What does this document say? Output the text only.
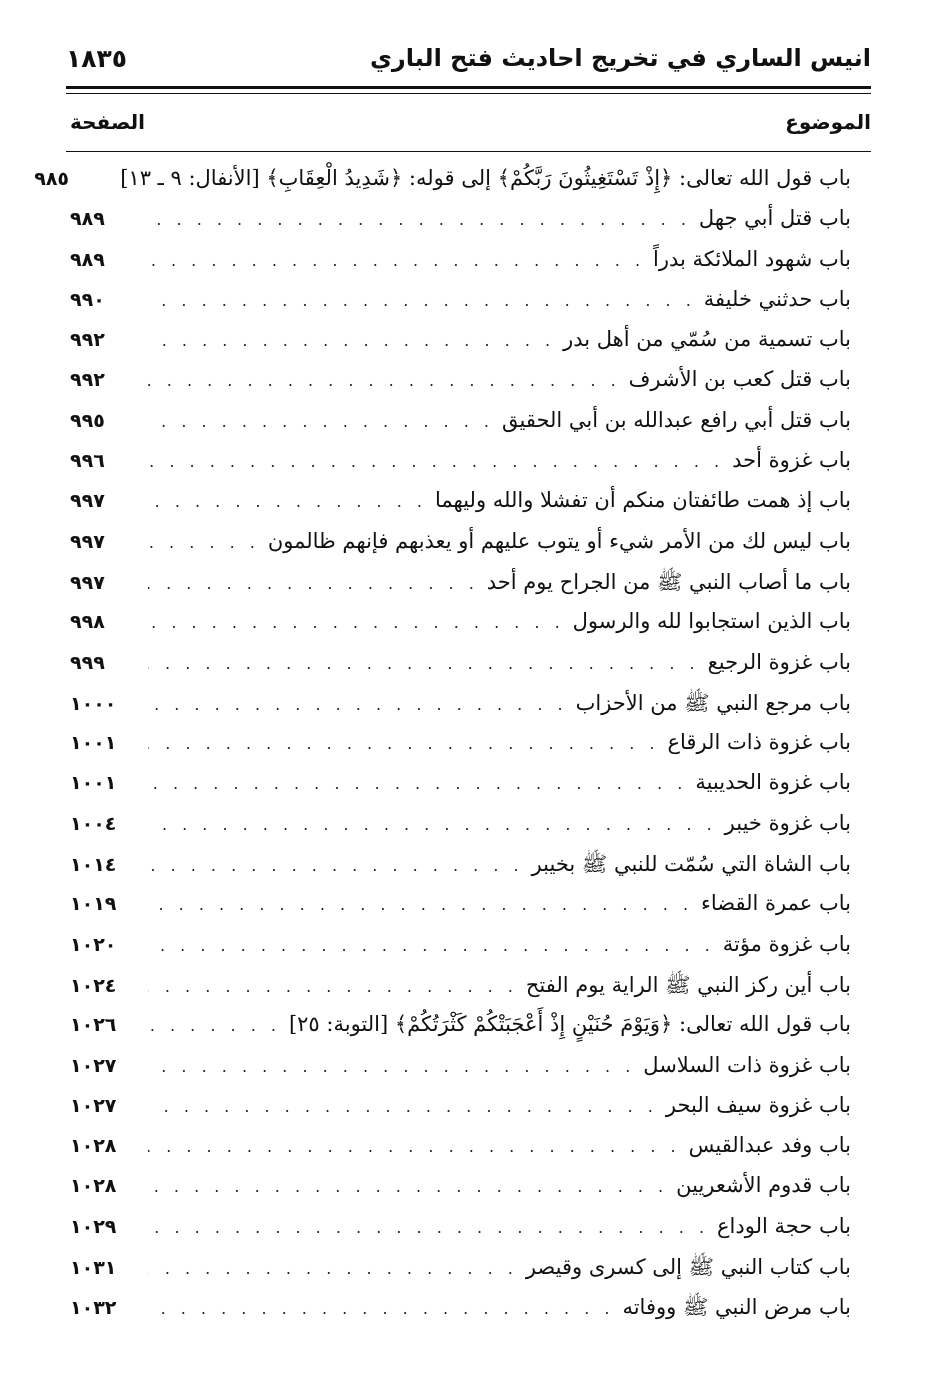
انيس الساري في تخريج احاديث فتح الباري
١٨٣٥
الموضوع
الصفحة
باب قول الله تعالى: ﴿إِذْ تَسْتَغِيثُونَ رَبَّكُمْ﴾ إلى قوله: ﴿شَدِيدُ الْعِقَابِ﴾ [الأنفال: ٩ ـ ١٣]
٩٨٥
باب قتل أبي جهل
. . .
٩٨٩
باب شهود الملائكة بدراً
. . .
٩٨٩
باب حدثني خليفة
. . .
٩٩٠
باب تسمية من سُمّي من أهل بدر
. . .
٩٩٢
باب قتل كعب بن الأشرف
. . .
٩٩٢
باب قتل أبي رافع عبدالله بن أبي الحقيق
. . .
٩٩٥
باب غزوة أحد
. . .
٩٩٦
باب إذ همت طائفتان منكم أن تفشلا والله وليهما
. . .
٩٩٧
باب ليس لك من الأمر شيء أو يتوب عليهم أو يعذبهم فإنهم ظالمون
. . .
٩٩٧
باب ما أصاب النبي ﷺ من الجراح يوم أحد
. . .
٩٩٧
باب الذين استجابوا لله والرسول
. . .
٩٩٨
باب غزوة الرجيع
. . .
٩٩٩
باب مرجع النبي ﷺ من الأحزاب
. . .
١٠٠٠
باب غزوة ذات الرقاع
. . .
١٠٠١
باب غزوة الحديبية
. . .
١٠٠١
باب غزوة خيبر
. . .
١٠٠٤
باب الشاة التي سُمّت للنبي ﷺ بخيبر
. . .
١٠١٤
باب عمرة القضاء
. . .
١٠١٩
باب غزوة مؤتة
. . .
١٠٢٠
باب أين ركز النبي ﷺ الراية يوم الفتح
. . .
١٠٢٤
باب قول الله تعالى: ﴿وَيَوْمَ حُنَيْنٍ إِذْ أَعْجَبَتْكُمْ كَثْرَتُكُمْ﴾ [التوبة: ٢٥]
. . .
١٠٢٦
باب غزوة ذات السلاسل
. . .
١٠٢٧
باب غزوة سيف البحر
. . .
١٠٢٧
باب وفد عبدالقيس
. . .
١٠٢٨
باب قدوم الأشعريين
. . .
١٠٢٨
باب حجة الوداع
. . .
١٠٢٩
باب كتاب النبي ﷺ إلى كسرى وقيصر
. . .
١٠٣١
باب مرض النبي ﷺ ووفاته
. . .
١٠٣٢
